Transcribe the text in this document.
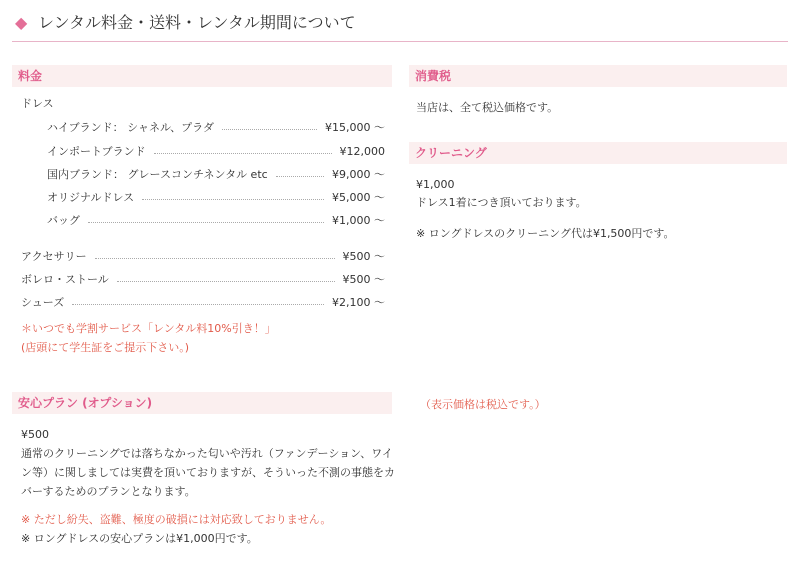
◆ レンタル料金・送料・レンタル期間について
料金
ドレス
ハイブランド： シャネル、プラダ	¥15,000 ～
インポートブランド	¥12,000
国内ブランド： グレースコンチネンタル etc	¥9,000 ～
オリジナルドレス	¥5,000 ～
バッグ	¥1,000 ～
アクセサリー	¥500 ～
ボレロ・ストール	¥500 ～
シューズ	¥2,100 ～
＊いつでも学割サービス「レンタル料10%引き！」
(店頭にて学生証をご提示下さい。)
消費税
当店は、全て税込価格です。
クリーニング
¥1,000
ドレス1着につき頂いております。
※ ロングドレスのクリーニング代は¥1,500円です。
安心プラン (オプション)
¥500
通常のクリーニングでは落ちなかった匂いや汚れ（ファンデーション、ワイ
ン等）に関しましては実費を頂いておりますが、そういった不測の事態をカ
バーするためのプランとなります。
※ ただし紛失、盗難、極度の破損には対応致しておりません。
※ ロングドレスの安心プランは¥1,000円です。
（表示価格は税込です。）
